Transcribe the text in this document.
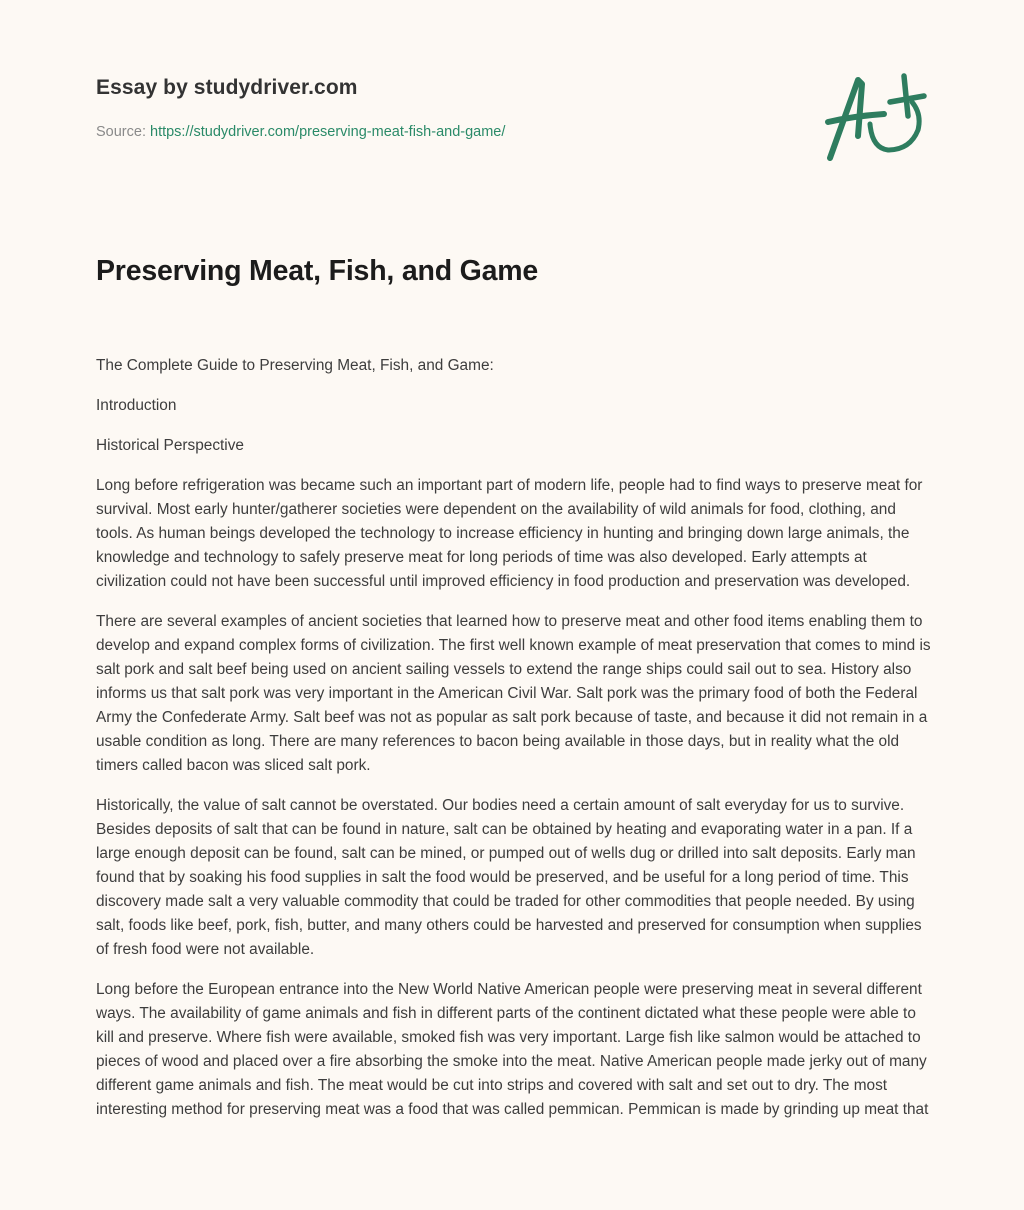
Essay by studydriver.com
Source: https://studydriver.com/preserving-meat-fish-and-game/
Preserving Meat, Fish, and Game

The Complete Guide to Preserving Meat, Fish, and Game:

Introduction

Historical Perspective

Long before refrigeration was became such an important part of modern life, people had to find ways to preserve meat for survival. Most early hunter/gatherer societies were dependent on the availability of wild animals for food, clothing, and tools. As human beings developed the technology to increase efficiency in hunting and bringing down large animals, the knowledge and technology to safely preserve meat for long periods of time was also developed. Early attempts at civilization could not have been successful until improved efficiency in food production and preservation was developed.

There are several examples of ancient societies that learned how to preserve meat and other food items enabling them to develop and expand complex forms of civilization. The first well known example of meat preservation that comes to mind is salt pork and salt beef being used on ancient sailing vessels to extend the range ships could sail out to sea. History also informs us that salt pork was very important in the American Civil War. Salt pork was the primary food of both the Federal Army the Confederate Army. Salt beef was not as popular as salt pork because of taste, and because it did not remain in a usable condition as long. There are many references to bacon being available in those days, but in reality what the old timers called bacon was sliced salt pork.

Historically, the value of salt cannot be overstated. Our bodies need a certain amount of salt everyday for us to survive. Besides deposits of salt that can be found in nature, salt can be obtained by heating and evaporating water in a pan. If a large enough deposit can be found, salt can be mined, or pumped out of wells dug or drilled into salt deposits. Early man found that by soaking his food supplies in salt the food would be preserved, and be useful for a long period of time. This discovery made salt a very valuable commodity that could be traded for other commodities that people needed. By using salt, foods like beef, pork, fish, butter, and many others could be harvested and preserved for consumption when supplies of fresh food were not available.

Long before the European entrance into the New World Native American people were preserving meat in several different ways. The availability of game animals and fish in different parts of the continent dictated what these people were able to kill and preserve. Where fish were available, smoked fish was very important. Large fish like salmon would be attached to pieces of wood and placed over a fire absorbing the smoke into the meat. Native American people made jerky out of many different game animals and fish. The meat would be cut into strips and covered with salt and set out to dry. The most interesting method for preserving meat was a food that was called pemmican. Pemmican is made by grinding up meat that
